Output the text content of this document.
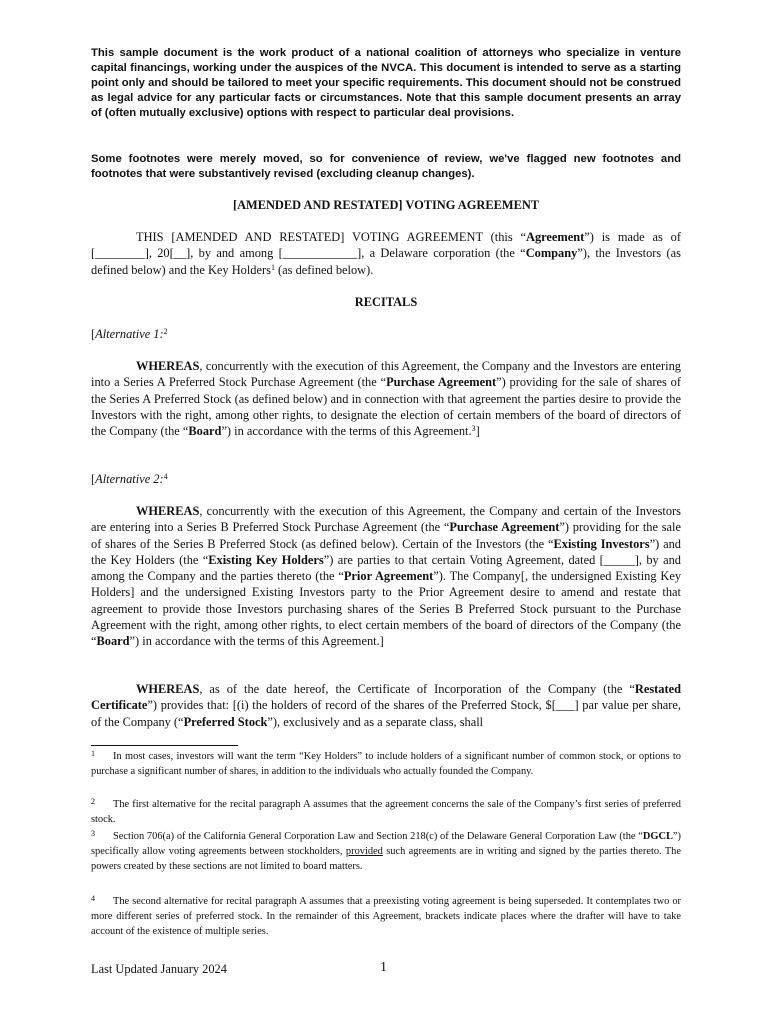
This sample document is the work product of a national coalition of attorneys who specialize in venture capital financings, working under the auspices of the NVCA. This document is intended to serve as a starting point only and should be tailored to meet your specific requirements. This document should not be construed as legal advice for any particular facts or circumstances. Note that this sample document presents an array of (often mutually exclusive) options with respect to particular deal provisions.

Some footnotes were merely moved, so for convenience of review, we've flagged new footnotes and footnotes that were substantively revised (excluding cleanup changes).

[AMENDED AND RESTATED] VOTING AGREEMENT

THIS [AMENDED AND RESTATED] VOTING AGREEMENT (this “Agreement”) is made as of [________], 20[__], by and among [____________], a Delaware corporation (the “Company”), the Investors (as defined below) and the Key Holders$^1$ (as defined below).

RECITALS

[Alternative 1:$^2$

WHEREAS, concurrently with the execution of this Agreement, the Company and the Investors are entering into a Series A Preferred Stock Purchase Agreement (the “Purchase Agreement”) providing for the sale of shares of the Series A Preferred Stock (as defined below) and in connection with that agreement the parties desire to provide the Investors with the right, among other rights, to designate the election of certain members of the board of directors of the Company (the “Board”) in accordance with the terms of this Agreement.$^3$]

[Alternative 2:$^4$

WHEREAS, concurrently with the execution of this Agreement, the Company and certain of the Investors are entering into a Series B Preferred Stock Purchase Agreement (the “Purchase Agreement”) providing for the sale of shares of the Series B Preferred Stock (as defined below). Certain of the Investors (the “Existing Investors”) and the Key Holders (the “Existing Key Holders”) are parties to that certain Voting Agreement, dated [_____], by and among the Company and the parties thereto (the “Prior Agreement”). The Company[, the undersigned Existing Key Holders] and the undersigned Existing Investors party to the Prior Agreement desire to amend and restate that agreement to provide those Investors purchasing shares of the Series B Preferred Stock pursuant to the Purchase Agreement with the right, among other rights, to elect certain members of the board of directors of the Company (the “Board”) in accordance with the terms of this Agreement.]

WHEREAS, as of the date hereof, the Certificate of Incorporation of the Company (the “Restated Certificate”) provides that: [(i) the holders of record of the shares of the Preferred Stock, $[___] par value per share, of the Company (“Preferred Stock”), exclusively and as a separate class, shall

1 In most cases, investors will want the term “Key Holders” to include holders of a significant number of common stock, or options to purchase a significant number of shares, in addition to the individuals who actually founded the Company.

2 The first alternative for the recital paragraph A assumes that the agreement concerns the sale of the Company’s first series of preferred stock.

3 Section 706(a) of the California General Corporation Law and Section 218(c) of the Delaware General Corporation Law (the “DGCL”) specifically allow voting agreements between stockholders, provided such agreements are in writing and signed by the parties thereto. The powers created by these sections are not limited to board matters.

4 The second alternative for recital paragraph A assumes that a preexisting voting agreement is being superseded. It contemplates two or more different series of preferred stock. In the remainder of this Agreement, brackets indicate places where the drafter will have to take account of the existence of multiple series.

Last Updated January 2024	1
